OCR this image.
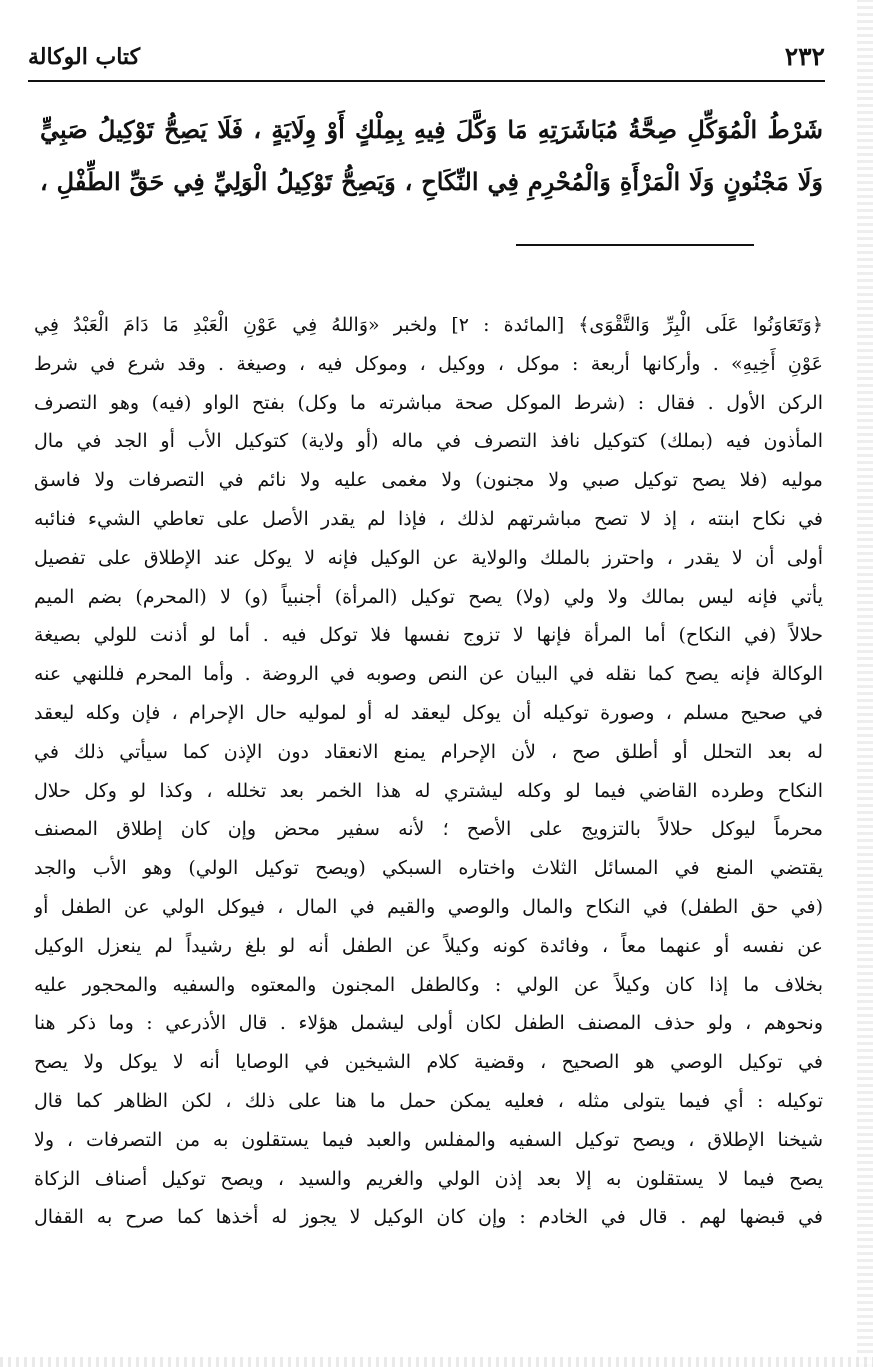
٢٣٢
كتاب الوكالة

شَرْطُ الْمُوَكِّلِ صِحَّةُ مُبَاشَرَتِهِ مَا وَكَّلَ فِيهِ بِمِلْكٍ أَوْ وِلَايَةٍ ، فَلَا يَصِحُّ تَوْكِيلُ صَبِيٍّ

وَلَا مَجْنُونٍ وَلَا الْمَرْأَةِ وَالْمُحْرِمِ فِي النِّكَاحِ ، وَيَصِحُّ تَوْكِيلُ الْوَلِيِّ فِي حَقِّ الطِّفْلِ ،

﴿وَتَعَاوَنُوا عَلَى الْبِرِّ وَالتَّقْوَى﴾ [المائدة : ٢] ولخبر «وَاللهُ فِي عَوْنِ الْعَبْدِ مَا دَامَ الْعَبْدُ فِي
عَوْنِ أَخِيهِ» . وأركانها أربعة : موكل ، ووكيل ، وموكل فيه ، وصيغة . وقد شرع في شرط
الركن الأول . فقال : (شرط الموكل صحة مباشرته ما وكل) بفتح الواو (فيه) وهو التصرف
المأذون فيه (بملك) كتوكيل نافذ التصرف في ماله (أو ولاية) كتوكيل الأب أو الجد في مال
موليه (فلا يصح توكيل صبي ولا مجنون) ولا مغمى عليه ولا نائم في التصرفات ولا فاسق
في نكاح ابنته ، إذ لا تصح مباشرتهم لذلك ، فإذا لم يقدر الأصل على تعاطي الشيء فنائبه
أولى أن لا يقدر ، واحترز بالملك والولاية عن الوكيل فإنه لا يوكل عند الإطلاق على تفصيل
يأتي فإنه ليس بمالك ولا ولي (ولا) يصح توكيل (المرأة) أجنبياً (و) لا (المحرم) بضم الميم
حلالاً (في النكاح) أما المرأة فإنها لا تزوج نفسها فلا توكل فيه . أما لو أذنت للولي بصيغة
الوكالة فإنه يصح كما نقله في البيان عن النص وصوبه في الروضة . وأما المحرم فللنهي عنه
في صحيح مسلم ، وصورة توكيله أن يوكل ليعقد له أو لموليه حال الإحرام ، فإن وكله ليعقد
له بعد التحلل أو أطلق صح ، لأن الإحرام يمنع الانعقاد دون الإذن كما سيأتي ذلك في
النكاح وطرده القاضي فيما لو وكله ليشتري له هذا الخمر بعد تخلله ، وكذا لو وكل حلال
محرماً ليوكل حلالاً بالتزويج على الأصح ؛ لأنه سفير محض وإن كان إطلاق المصنف
يقتضي المنع في المسائل الثلاث واختاره السبكي (ويصح توكيل الولي) وهو الأب والجد
(في حق الطفل) في النكاح والمال والوصي والقيم في المال ، فيوكل الولي عن الطفل أو
عن نفسه أو عنهما معاً ، وفائدة كونه وكيلاً عن الطفل أنه لو بلغ رشيداً لم ينعزل الوكيل
بخلاف ما إذا كان وكيلاً عن الولي : وكالطفل المجنون والمعتوه والسفيه والمحجور عليه
ونحوهم ، ولو حذف المصنف الطفل لكان أولى ليشمل هؤلاء . قال الأذرعي : وما ذكر هنا
في توكيل الوصي هو الصحيح ، وقضية كلام الشيخين في الوصايا أنه لا يوكل ولا يصح
توكيله : أي فيما يتولى مثله ، فعليه يمكن حمل ما هنا على ذلك ، لكن الظاهر كما قال
شيخنا الإطلاق ، ويصح توكيل السفيه والمفلس والعبد فيما يستقلون به من التصرفات ، ولا
يصح فيما لا يستقلون به إلا بعد إذن الولي والغريم والسيد ، ويصح توكيل أصناف الزكاة
في قبضها لهم . قال في الخادم : وإن كان الوكيل لا يجوز له أخذها كما صرح به القفال
